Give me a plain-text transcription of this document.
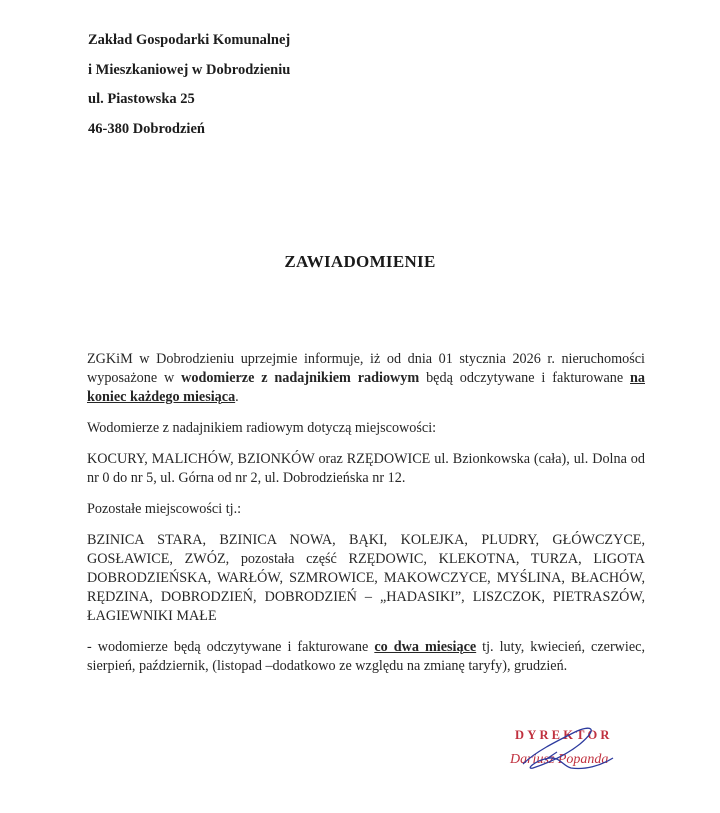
Zakład Gospodarki Komunalnej
i Mieszkaniowej w Dobrodzieniu
ul. Piastowska 25
46-380 Dobrodzień
ZAWIADOMIENIE

ZGKiM w Dobrodzieniu uprzejmie informuje, iż od dnia 01 stycznia 2026 r. nieruchomości wyposażone w wodomierze z nadajnikiem radiowym będą odczytywane i fakturowane na koniec każdego miesiąca.

Wodomierze z nadajnikiem radiowym dotyczą miejscowości:

KOCURY, MALICHÓW, BZIONKÓW oraz RZĘDOWICE ul. Bzionkowska (cała), ul. Dolna od nr 0 do nr 5, ul. Górna od nr 2, ul. Dobrodzieńska nr 12.

Pozostałe miejscowości tj.:

BZINICA STARA, BZINICA NOWA, BĄKI, KOLEJKA, PLUDRY, GŁÓWCZYCE, GOSŁAWICE, ZWÓZ, pozostała część RZĘDOWIC, KLEKOTNA, TURZA, LIGOTA DOBRODZIEŃSKA, WARŁÓW, SZMROWICE, MAKOWCZYCE, MYŚLINA, BŁACHÓW, RĘDZINA, DOBRODZIEŃ, DOBRODZIEŃ – „HADASIKI”, LISZCZOK, PIETRASZÓW, ŁAGIEWNIKI MAŁE

- wodomierze będą odczytywane i fakturowane co dwa miesiące tj. luty, kwiecień, czerwiec, sierpień, październik, (listopad –dodatkowo ze względu na zmianę taryfy), grudzień.

DYREKTOR
Dariusz Popanda
